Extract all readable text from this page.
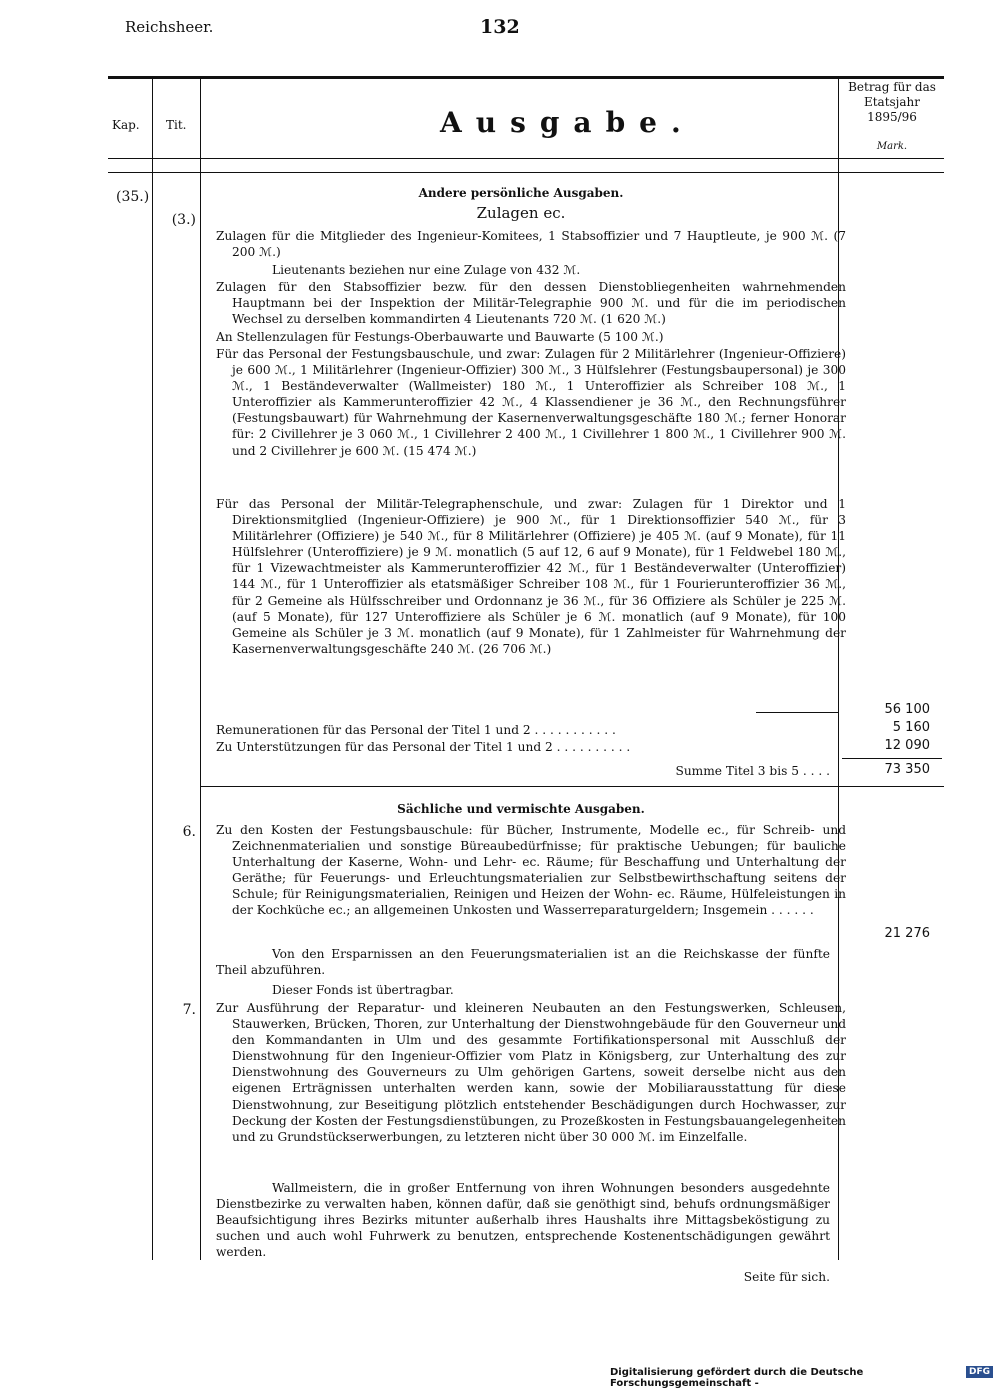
Reichsheer.	132
Kap. Tit.	Ausgabe.
Betrag für das Etatsjahr 1895/96
Mark.
(35.)
(3.)
Andere persönliche Ausgaben.
Zulagen ec.
Zulagen für die Mitglieder des Ingenieur-Komitees, 1 Stabsoffizier und 7 Hauptleute, je 900 ℳ. (7 200 ℳ.)
Lieutenants beziehen nur eine Zulage von 432 ℳ.
Zulagen für den Stabsoffizier bezw. für den dessen Dienstobliegenheiten wahrnehmenden Hauptmann bei der Inspektion der Militär-Telegraphie 900 ℳ. und für die im periodischen Wechsel zu derselben kommandirten 4 Lieutenants 720 ℳ. (1 620 ℳ.)
An Stellenzulagen für Festungs-Oberbauwarte und Bauwarte (5 100 ℳ.)
Für das Personal der Festungsbauschule, und zwar: Zulagen für 2 Militärlehrer (Ingenieur-Offiziere) je 600 ℳ., 1 Militärlehrer (Ingenieur-Offizier) 300 ℳ., 3 Hülfslehrer (Festungsbaupersonal) je 300 ℳ., 1 Beständeverwalter (Wallmeister) 180 ℳ., 1 Unteroffizier als Schreiber 108 ℳ., 1 Unteroffizier als Kammerunteroffizier 42 ℳ., 4 Klassendiener je 36 ℳ., den Rechnungsführer (Festungsbauwart) für Wahrnehmung der Kasernenverwaltungsgeschäfte 180 ℳ.; ferner Honorar für: 2 Civillehrer je 3 060 ℳ., 1 Civillehrer 2 400 ℳ., 1 Civillehrer 1 800 ℳ., 1 Civillehrer 900 ℳ. und 2 Civillehrer je 600 ℳ. (15 474 ℳ.)
Für das Personal der Militär-Telegraphenschule, und zwar: Zulagen für 1 Direktor und 1 Direktionsmitglied (Ingenieur-Offiziere) je 900 ℳ., für 1 Direktionsoffizier 540 ℳ., für 3 Militärlehrer (Offiziere) je 540 ℳ., für 8 Militärlehrer (Offiziere) je 405 ℳ. (auf 9 Monate), für 11 Hülfslehrer (Unteroffiziere) je 9 ℳ. monatlich (5 auf 12, 6 auf 9 Monate), für 1 Feldwebel 180 ℳ., für 1 Vizewachtmeister als Kammerunteroffizier 42 ℳ., für 1 Beständeverwalter (Unteroffizier) 144 ℳ., für 1 Unteroffizier als etatsmäßiger Schreiber 108 ℳ., für 1 Fourierunteroffizier 36 ℳ., für 2 Gemeine als Hülfsschreiber und Ordonnanz je 36 ℳ., für 36 Offiziere als Schüler je 225 ℳ. (auf 5 Monate), für 127 Unteroffiziere als Schüler je 6 ℳ. monatlich (auf 9 Monate), für 100 Gemeine als Schüler je 3 ℳ. monatlich (auf 9 Monate), für 1 Zahlmeister für Wahrnehmung der Kasernenverwaltungsgeschäfte 240 ℳ. (26 706 ℳ.)
56 100
Remunerationen für das Personal der Titel 1 und 2 . . . . . . . . . . .	5 160
Zu Unterstützungen für das Personal der Titel 1 und 2 . . . . . . . . . .	12 090
Summe Titel 3 bis 5 . . . .	73 350
Sächliche und vermischte Ausgaben.
6. Zu den Kosten der Festungsbauschule: für Bücher, Instrumente, Modelle ec., für Schreib- und Zeichnenmaterialien und sonstige Büreaubedürfnisse; für praktische Uebungen; für bauliche Unterhaltung der Kaserne, Wohn- und Lehr- ec. Räume; für Beschaffung und Unterhaltung der Geräthe; für Feuerungs- und Erleuchtungsmaterialien zur Selbstbewirthschaftung seitens der Schule; für Reinigungsmaterialien, Reinigen und Heizen der Wohn- ec. Räume, Hülfeleistungen in der Kochküche ec.; an allgemeinen Unkosten und Wasserreparaturgeldern; Insgemein . . . . . .
21 276
Von den Ersparnissen an den Feuerungsmaterialien ist an die Reichskasse der fünfte Theil abzuführen.
Dieser Fonds ist übertragbar.
7. Zur Ausführung der Reparatur- und kleineren Neubauten an den Festungswerken, Schleusen, Stauwerken, Brücken, Thoren, zur Unterhaltung der Dienstwohngebäude für den Gouverneur und den Kommandanten in Ulm und des gesammte Fortifikationspersonal mit Ausschluß der Dienstwohnung für den Ingenieur-Offizier vom Platz in Königsberg, zur Unterhaltung des zur Dienstwohnung des Gouverneurs zu Ulm gehörigen Gartens, soweit derselbe nicht aus den eigenen Erträgnissen unterhalten werden kann, sowie der Mobiliarausstattung für diese Dienstwohnung, zur Beseitigung plötzlich entstehender Beschädigungen durch Hochwasser, zur Deckung der Kosten der Festungsdienstübungen, zu Prozeßkosten in Festungsbauangelegenheiten und zu Grundstückserwerbungen, zu letzteren nicht über 30 000 ℳ. im Einzelfalle.
Wallmeistern, die in großer Entfernung von ihren Wohnungen besonders ausgedehnte Dienstbezirke zu verwalten haben, können dafür, daß sie genöthigt sind, behufs ordnungsmäßiger Beaufsichtigung ihres Bezirks mitunter außerhalb ihres Haushalts ihre Mittagsbeköstigung zu suchen und auch wohl Fuhrwerk zu benutzen, entsprechende Kostenentschädigungen gewährt werden.
Seite für sich.
Digitalisierung gefördert durch die Deutsche Forschungsgemeinschaft -
DFG
